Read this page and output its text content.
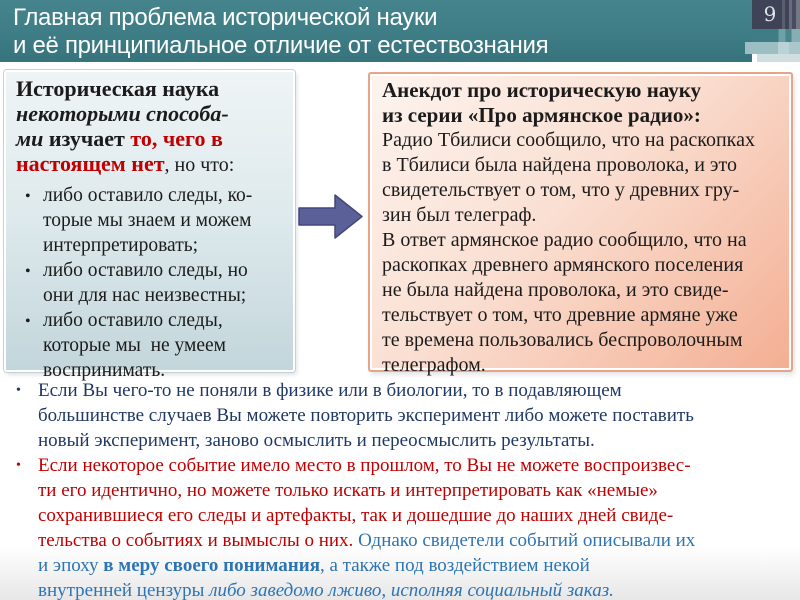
Главная проблема исторической науки
и её принципиальное отличие от естествознания
9
Историческая наука
некоторыми способа-
ми изучает то, чего в
настоящем нет, но что:
• либо оставило следы, ко-
торые мы знаем и можем
интерпретировать;
• либо оставило следы, но
они для нас неизвестны;
• либо оставило следы,
которые мы  не умеем
воспринимать.
Анекдот про историческую науку
из серии «Про армянское радио»:
Радио Тбилиси сообщило, что на раскопках
в Тбилиси была найдена проволока, и это
свидетельствует о том, что у древних гру-
зин был телеграф.
В ответ армянское радио сообщило, что на
раскопках древнего армянского поселения
не была найдена проволока, и это свиде-
тельствует о том, что древние армяне уже
те времена пользовались беспроволочным
телеграфом.
• Если Вы чего-то не поняли в физике или в биологии, то в подавляющем
большинстве случаев Вы можете повторить эксперимент либо можете поставить
новый эксперимент, заново осмыслить и переосмыслить результаты.
• Если некоторое событие имело место в прошлом, то Вы не можете воспроизвес-
ти его идентично, но можете только искать и интерпретировать как «немые»
сохранившиеся его следы и артефакты, так и дошедшие до наших дней свиде-
тельства о событиях и вымыслы о них. Однако свидетели событий описывали их
и эпоху в меру своего понимания, а также под воздействием некой
внутренней цензуры либо заведомо лживо, исполняя социальный заказ.
